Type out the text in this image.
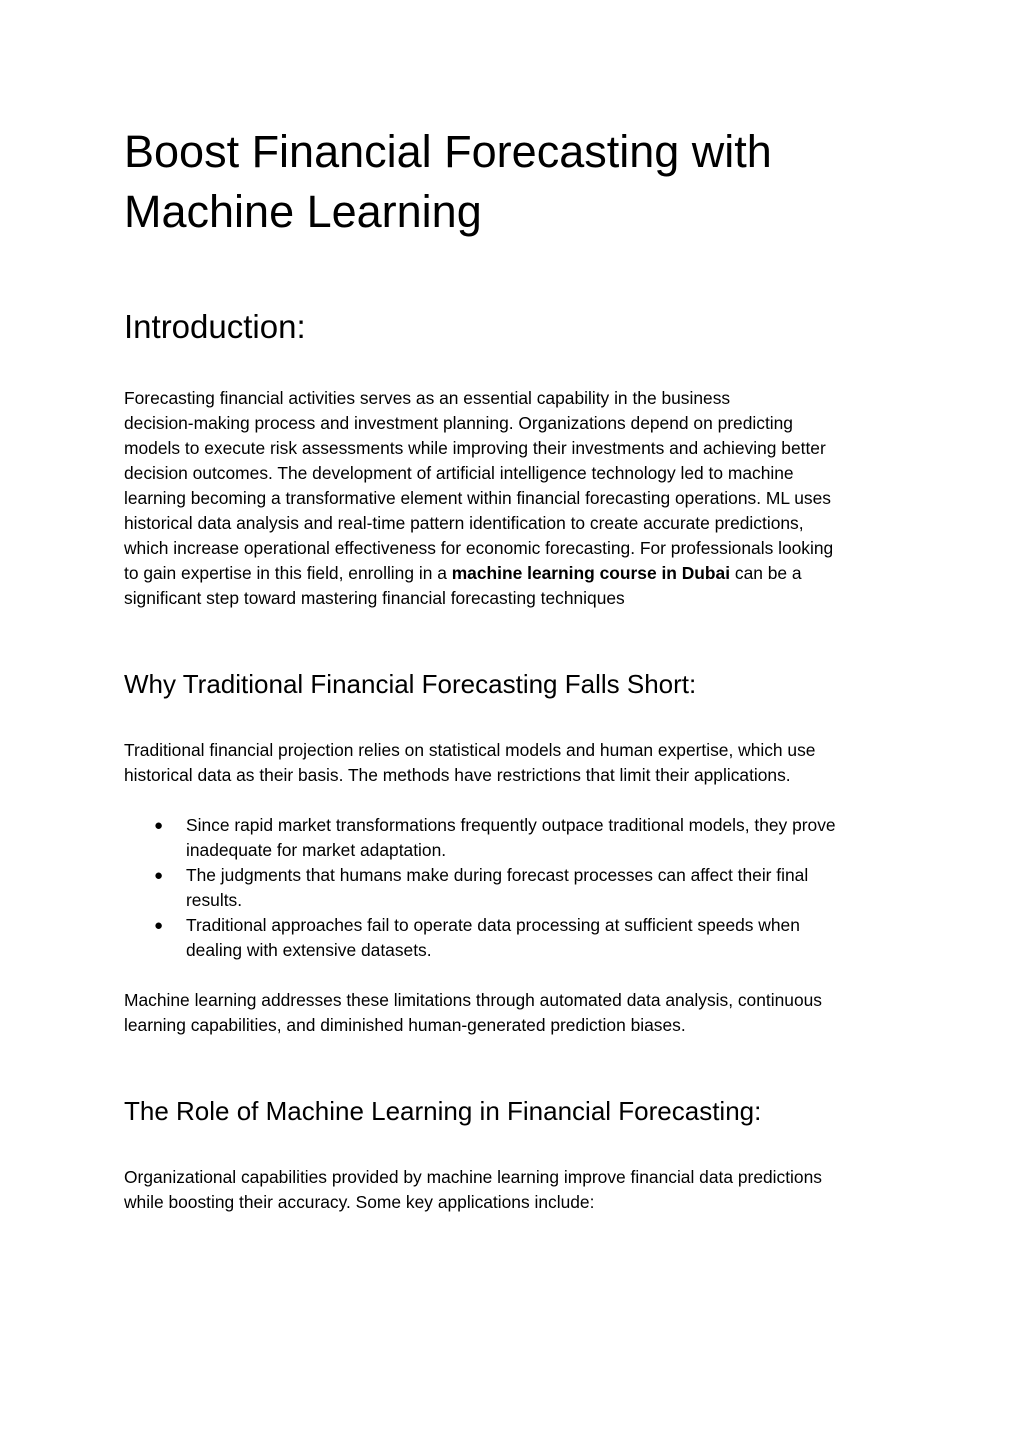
Boost Financial Forecasting with
Machine Learning
Introduction:

Forecasting financial activities serves as an essential capability in the business
decision-making process and investment planning. Organizations depend on predicting
models to execute risk assessments while improving their investments and achieving better
decision outcomes. The development of artificial intelligence technology led to machine
learning becoming a transformative element within financial forecasting operations. ML uses
historical data analysis and real-time pattern identification to create accurate predictions,
which increase operational effectiveness for economic forecasting. For professionals looking
to gain expertise in this field, enrolling in a machine learning course in Dubai can be a
significant step toward mastering financial forecasting techniques

Why Traditional Financial Forecasting Falls Short:

Traditional financial projection relies on statistical models and human expertise, which use
historical data as their basis. The methods have restrictions that limit their applications.

● Since rapid market transformations frequently outpace traditional models, they prove
inadequate for market adaptation.
● The judgments that humans make during forecast processes can affect their final
results.
● Traditional approaches fail to operate data processing at sufficient speeds when
dealing with extensive datasets.

Machine learning addresses these limitations through automated data analysis, continuous
learning capabilities, and diminished human-generated prediction biases.

The Role of Machine Learning in Financial Forecasting:

Organizational capabilities provided by machine learning improve financial data predictions
while boosting their accuracy. Some key applications include:
